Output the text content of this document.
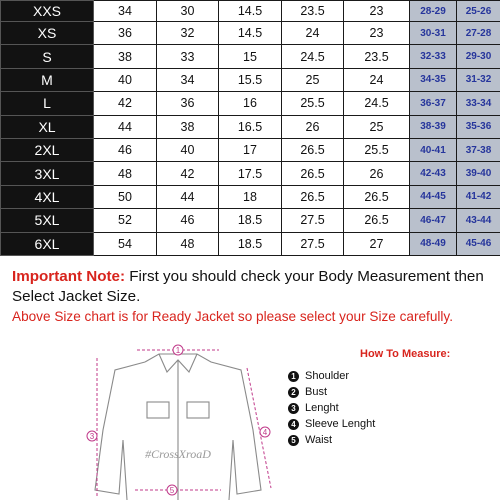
XXS	34	30	14.5	23.5	23	28-29	25-26
XS	36	32	14.5	24	23	30-31	27-28
S	38	33	15	24.5	23.5	32-33	29-30
M	40	34	15.5	25	24	34-35	31-32
L	42	36	16	25.5	24.5	36-37	33-34
XL	44	38	16.5	26	25	38-39	35-36
2XL	46	40	17	26.5	25.5	40-41	37-38
3XL	48	42	17.5	26.5	26	42-43	39-40
4XL	50	44	18	26.5	26.5	44-45	41-42
5XL	52	46	18.5	27.5	26.5	46-47	43-44
6XL	54	48	18.5	27.5	27	48-49	45-46
Important Note: First you should check your Body Measurement then Select Jacket Size.
Above Size chart is for Ready Jacket so please select your Size carefully.
1
3	4
5
#CrossXroaD
How To Measure:
1 Shoulder
2 Bust
3 Lenght
4 Sleeve Lenght
5 Waist
